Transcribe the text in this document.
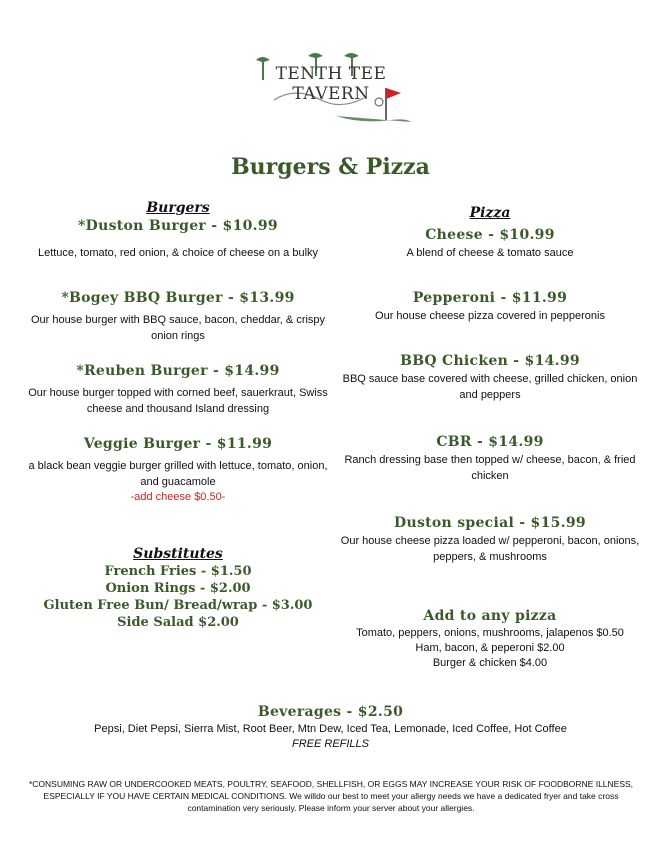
TENTH TEE TAVERN
Burgers & Pizza

Burgers

*Duston Burger - $10.99

Lettuce, tomato, red onion, & choice of cheese on a bulky

*Bogey BBQ Burger - $13.99

Our house burger with BBQ sauce, bacon, cheddar, & crispy onion rings

*Reuben Burger - $14.99

Our house burger topped with corned beef, sauerkraut, Swiss cheese and thousand Island dressing

Veggie Burger - $11.99

a black bean veggie burger grilled with lettuce, tomato, onion, and guacamole

-add cheese $0.50-

Substitutes

French Fries - $1.50

Onion Rings - $2.00

Gluten Free Bun/ Bread/wrap - $3.00

Side Salad $2.00

Pizza

Cheese - $10.99

A blend of cheese & tomato sauce

Pepperoni - $11.99

Our house cheese pizza covered in pepperonis

BBQ Chicken - $14.99

BBQ sauce base covered with cheese, grilled chicken, onion and peppers

CBR - $14.99

Ranch dressing base then topped w/ cheese, bacon, & fried chicken

Duston special - $15.99

Our house cheese pizza loaded w/ pepperoni, bacon, onions, peppers, & mushrooms

Add to any pizza

Tomato, peppers, onions, mushrooms, jalapenos $0.50

Ham, bacon, & peperoni $2.00

Burger & chicken $4.00

Beverages - $2.50

Pepsi, Diet Pepsi, Sierra Mist, Root Beer, Mtn Dew, Iced Tea, Lemonade, Iced Coffee, Hot Coffee

FREE REFILLS

*CONSUMING RAW OR UNDERCOOKED MEATS, POULTRY, SEAFOOD, SHELLFISH, OR EGGS MAY INCREASE YOUR RISK OF FOODBORNE ILLNESS, ESPECIALLY IF YOU HAVE CERTAIN MEDICAL CONDITIONS. We willdo our best to meet your allergy needs we have a dedicated fryer and take cross contamination very seriously. Please inform your server about your allergies.
